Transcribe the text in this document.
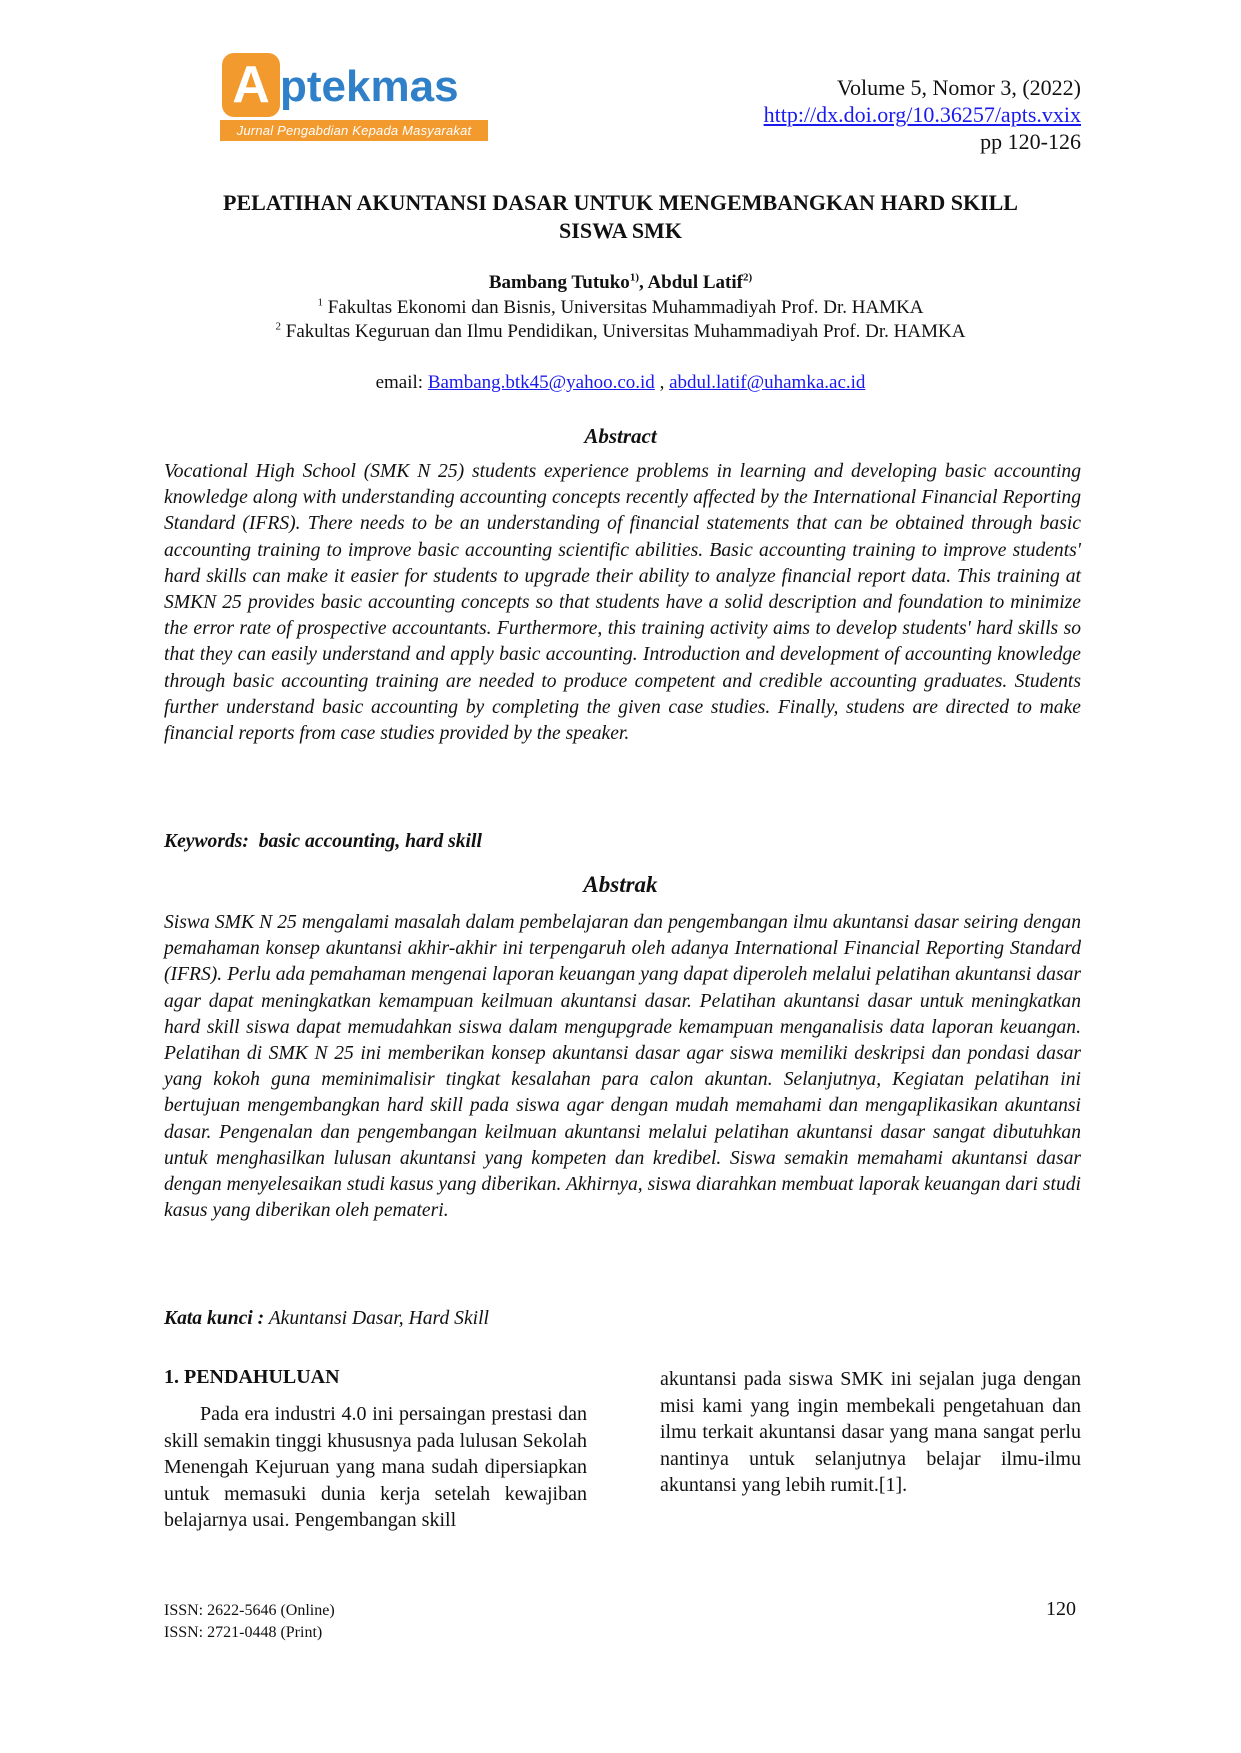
A ptekmas
Jurnal Pengabdian Kepada Masyarakat
Volume 5, Nomor 3, (2022)
http://dx.doi.org/10.36257/apts.vxix
pp 120-126
PELATIHAN AKUNTANSI DASAR UNTUK MENGEMBANGKAN HARD SKILL
SISWA SMK
Bambang Tutuko$^{1)}$, Abdul Latif$^{2)}$
$^1$ Fakultas Ekonomi dan Bisnis, Universitas Muhammadiyah Prof. Dr. HAMKA
$^2$ Fakultas Keguruan dan Ilmu Pendidikan, Universitas Muhammadiyah Prof. Dr. HAMKA
email: Bambang.btk45@yahoo.co.id , abdul.latif@uhamka.ac.id
Abstract
Vocational High School (SMK N 25) students experience problems in learning and developing basic accounting knowledge along with understanding accounting concepts recently affected by the International Financial Reporting Standard (IFRS). There needs to be an understanding of financial statements that can be obtained through basic accounting training to improve basic accounting scientific abilities. Basic accounting training to improve students' hard skills can make it easier for students to upgrade their ability to analyze financial report data. This training at SMKN 25 provides basic accounting concepts so that students have a solid description and foundation to minimize the error rate of prospective accountants. Furthermore, this training activity aims to develop students' hard skills so that they can easily understand and apply basic accounting. Introduction and development of accounting knowledge through basic accounting training are needed to produce competent and credible accounting graduates. Students further understand basic accounting by completing the given case studies. Finally, studens are directed to make financial reports from case studies provided by the speaker.
Keywords: basic accounting, hard skill
Abstrak
Siswa SMK N 25 mengalami masalah dalam pembelajaran dan pengembangan ilmu akuntansi dasar seiring dengan pemahaman konsep akuntansi akhir-akhir ini terpengaruh oleh adanya International Financial Reporting Standard (IFRS). Perlu ada pemahaman mengenai laporan keuangan yang dapat diperoleh melalui pelatihan akuntansi dasar agar dapat meningkatkan kemampuan keilmuan akuntansi dasar. Pelatihan akuntansi dasar untuk meningkatkan hard skill siswa dapat memudahkan siswa dalam mengupgrade kemampuan menganalisis data laporan keuangan. Pelatihan di SMK N 25 ini memberikan konsep akuntansi dasar agar siswa memiliki deskripsi dan pondasi dasar yang kokoh guna meminimalisir tingkat kesalahan para calon akuntan. Selanjutnya, Kegiatan pelatihan ini bertujuan mengembangkan hard skill pada siswa agar dengan mudah memahami dan mengaplikasikan akuntansi dasar. Pengenalan dan pengembangan keilmuan akuntansi melalui pelatihan akuntansi dasar sangat dibutuhkan untuk menghasilkan lulusan akuntansi yang kompeten dan kredibel. Siswa semakin memahami akuntansi dasar dengan menyelesaikan studi kasus yang diberikan. Akhirnya, siswa diarahkan membuat laporak keuangan dari studi kasus yang diberikan oleh pemateri.
Kata kunci : Akuntansi Dasar, Hard Skill
1. PENDAHULUAN

Pada era industri 4.0 ini persaingan prestasi dan skill semakin tinggi khususnya pada lulusan Sekolah Menengah Kejuruan yang mana sudah dipersiapkan untuk memasuki dunia kerja setelah kewajiban belajarnya usai. Pengembangan skill

akuntansi pada siswa SMK ini sejalan juga dengan misi kami yang ingin membekali pengetahuan dan ilmu terkait akuntansi dasar yang mana sangat perlu nantinya untuk selanjutnya belajar ilmu-ilmu akuntansi yang lebih rumit.[1].

ISSN: 2622-5646 (Online)
ISSN: 2721-0448 (Print)
120
